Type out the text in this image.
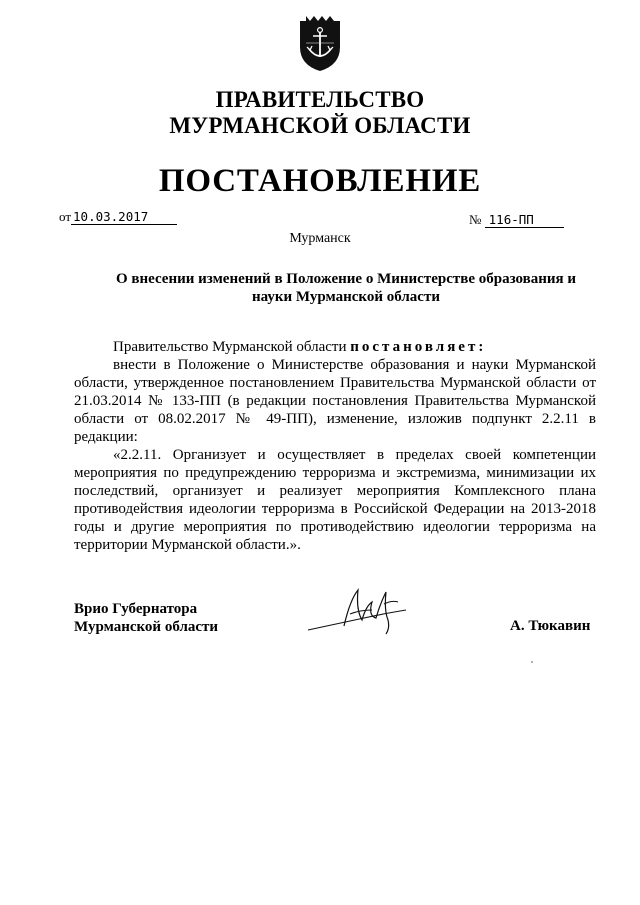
ПРАВИТЕЛЬСТВО
МУРМАНСКОЙ ОБЛАСТИ
ПОСТАНОВЛЕНИЕ
от 10.03.2017	№ 116-ПП
Мурманск
О внесении изменений в Положение о Министерстве образования и
науки Мурманской области
Правительство Мурманской области постановляет:
внести в Положение о Министерстве образования и науки Мурманской области, утвержденное постановлением Правительства Мурманской области от 21.03.2014 № 133-ПП (в редакции постановления Правительства Мурманской области от 08.02.2017 № 49-ПП), изменение, изложив подпункт 2.2.11 в редакции:
«2.2.11. Организует и осуществляет в пределах своей компетенции мероприятия по предупреждению терроризма и экстремизма, минимизации их последствий, организует и реализует мероприятия Комплексного плана противодействия идеологии терроризма в Российской Федерации на 2013-2018 годы и другие мероприятия по противодействию идеологии терроризма на территории Мурманской области.».
Врио Губернатора
Мурманской области	А. Тюкавин
